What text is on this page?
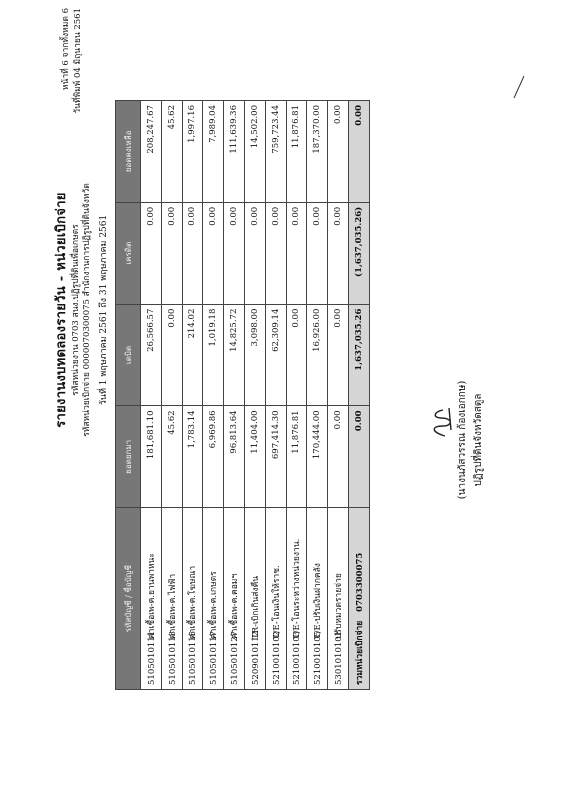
หน้าที่ 6 จากทั้งหมด 6 วันที่พิมพ์ 04 มิถุนายน 2561
รายงานงบทดลองรายวัน - หน่วยเบิกจ่าย รหัสหน่วยงาน 0703 สนง.ปฏิรูปที่ดินเพื่อเกษตร รหัสหน่วยเบิกจ่าย 0000070300075 สำนักงานการปฏิรูปที่ดินจังหวัด วันที่ 1 พฤษภาคม 2561 ถึง 31 พฤษภาคม 2561
รหัสบัญชี / ชื่อบัญชี	ยอดยกมา	เดบิต	เครดิต	ยอดคงเหลือ
5105010111ค่าเชื้อเพ-ค.ยานพาหนะ	181,681.10	26,566.57	0.00	208,247.67
5105010113ค่าเชื้อเพ-ค.ไฟฟ้า	45.62	0.00	0.00	45.62
5105010115ค่าเชื้อเพ-ค.โฆษณา	1,783.14	214.02	0.00	1,997.16
5105010117ค่าเชื้อเพ-ค.เกษตร	6,969.86	1,019.18	0.00	7,989.04
5105010127ค่าเชื้อเพ-ค.คอมฯ	96,813.64	14,825.72	0.00	111,639.36
5209010112TR-เบิกเกินส่งคืน	11,404.00	3,098.00	0.00	14,502.00
5210010102T/E-โอนเงินให้ราช.	697,414.30	62,309.14	0.00	759,723.44
5210010103T/E-โอนระหว่างหน่วยงาน.	11,876.81	0.00	0.00	11,876.81
5210010105T/E-ปรับเงินฝากคลัง	170,444.00	16,926.00	0.00	187,370.00
5301010101ปรับหมวดรายจ่าย	0.00	0.00	0.00	0.00
รวมหน่วยเบิกจ่าย   0703300075	0.00	1,637,035.26	(1,637,035.26)	0.00
(นางนภัสวรรณ ก้องเอกกษ) ปฏิรูปที่ดินจังหวัดสตูล
